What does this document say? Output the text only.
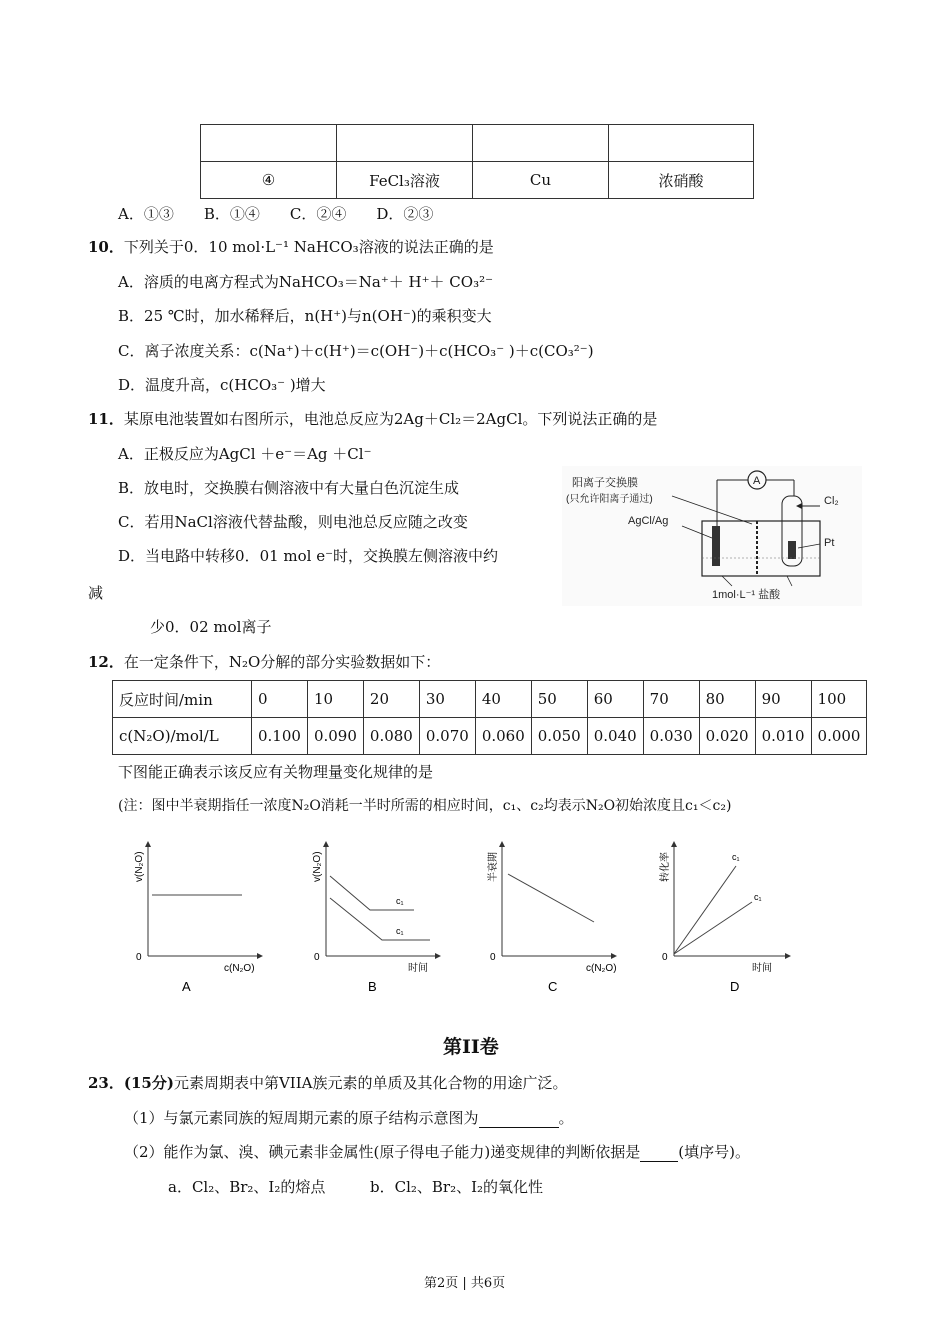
④	FeCl₃溶液	Cu	浓硝酸
A．①③　　B．①④　　C．②④　　D．②③
10．下列关于0．10 mol·L⁻¹ NaHCO₃溶液的说法正确的是
A．溶质的电离方程式为NaHCO₃＝Na⁺＋ H⁺＋ CO₃²⁻
B．25 ℃时，加水稀释后，n(H⁺)与n(OH⁻)的乘积变大
C．离子浓度关系：c(Na⁺)＋c(H⁺)＝c(OH⁻)＋c(HCO₃⁻ )＋c(CO₃²⁻)
D．温度升高，c(HCO₃⁻ )增大
11．某原电池装置如右图所示，电池总反应为2Ag＋Cl₂＝2AgCl。下列说法正确的是
A．正极反应为AgCl ＋e⁻＝Ag ＋Cl⁻
B．放电时，交换膜右侧溶液中有大量白色沉淀生成
C．若用NaCl溶液代替盐酸，则电池总反应随之改变
D．当电路中转移0．01 mol e⁻时，交换膜左侧溶液中约
减
少0．02 mol离子
阳离子交换膜
(只允许阳离子通过)
A
Cl₂
AgCl/Ag
Pt
1mol·L⁻¹ 盐酸
12．在一定条件下，N₂O分解的部分实验数据如下：
反应时间/min	0	10	20	30	40	50	60	70	80	90	100
c(N₂O)/mol/L	0.100	0.090	0.080	0.070	0.060	0.050	0.040	0.030	0.020	0.010	0.000
下图能正确表示该反应有关物理量变化规律的是
(注：图中半衰期指任一浓度N₂O消耗一半时所需的相应时间，c₁、c₂均表示N₂O初始浓度且c₁＜c₂)
v(N₂O)
c(N₂O)
0
A
c₁
c₁
v(N₂O)
时间
0
B
半衰期
c(N₂O)
0
C
c₁
c₁
转化率
时间
0
D
第II卷
23．(15分)元素周期表中第VIIA族元素的单质及其化合物的用途广泛。
（1）与氯元素同族的短周期元素的原子结构示意图为	。
（2）能作为氯、溴、碘元素非金属性(原子得电子能力)递变规律的判断依据是	(填序号)。
a．Cl₂、Br₂、I₂的熔点	b．Cl₂、Br₂、I₂的氧化性
第2页 | 共6页
